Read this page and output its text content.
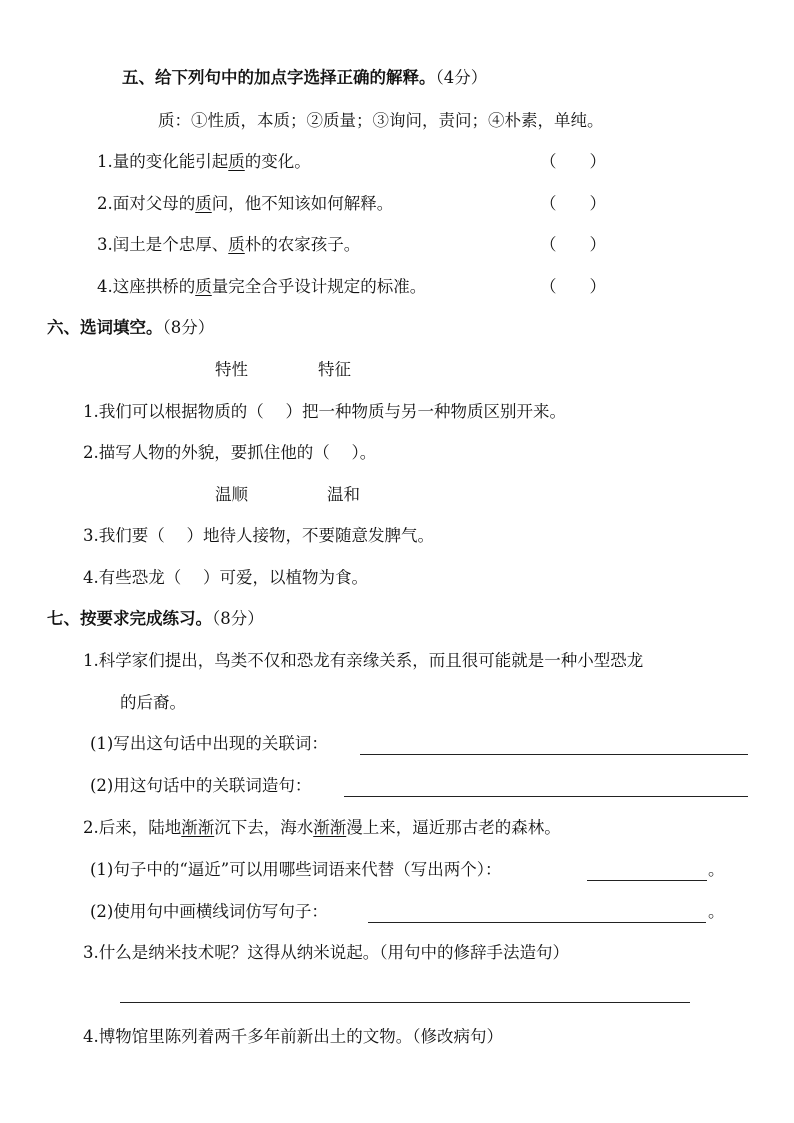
五、给下列句中的加点字选择正确的解释。（4分）
质：①性质，本质；②质量；③询问，责问；④朴素，单纯。
1.量的变化能引起质的变化。	（　　）
2.面对父母的质问，他不知该如何解释。	（　　）
3.闰土是个忠厚、质朴的农家孩子。	（　　）
4.这座拱桥的质量完全合乎设计规定的标准。	（　　）
六、选词填空。（8分）
特性	特征
1.我们可以根据物质的（　 ）把一种物质与另一种物质区别开来。
2.描写人物的外貌，要抓住他的（　 ）。
温顺	温和
3.我们要（　 ）地待人接物，不要随意发脾气。
4.有些恐龙（　 ）可爱，以植物为食。
七、按要求完成练习。（8分）
1.科学家们提出，鸟类不仅和恐龙有亲缘关系，而且很可能就是一种小型恐龙
的后裔。
(1)写出这句话中出现的关联词：
(2)用这句话中的关联词造句：
2.后来，陆地渐渐沉下去，海水渐渐漫上来，逼近那古老的森林。
(1)句子中的“逼近”可以用哪些词语来代替（写出两个）：	。
(2)使用句中画横线词仿写句子：	。
3.什么是纳米技术呢？这得从纳米说起。（用句中的修辞手法造句）
4.博物馆里陈列着两千多年前新出土的文物。（修改病句）
